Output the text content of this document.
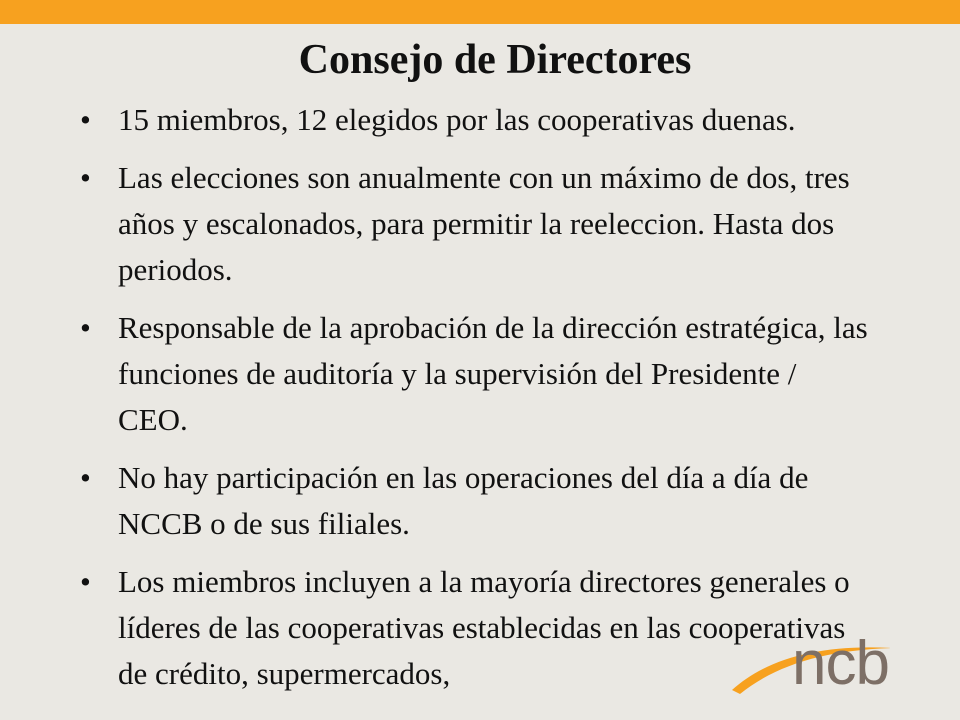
Consejo de Directores
• 15 miembros, 12 elegidos por las cooperativas duenas.
• Las elecciones son anualmente con un máximo de dos, tres años y escalonados, para permitir la reeleccion. Hasta dos periodos.
• Responsable de la aprobación de la dirección estratégica, las funciones de auditoría y la supervisión del Presidente / CEO.
• No hay participación en las operaciones del día a día de NCCB o de sus filiales.
• Los miembros incluyen a la mayoría directores generales o líderes de las cooperativas establecidas en las cooperativas de crédito, supermercados,	ncb
